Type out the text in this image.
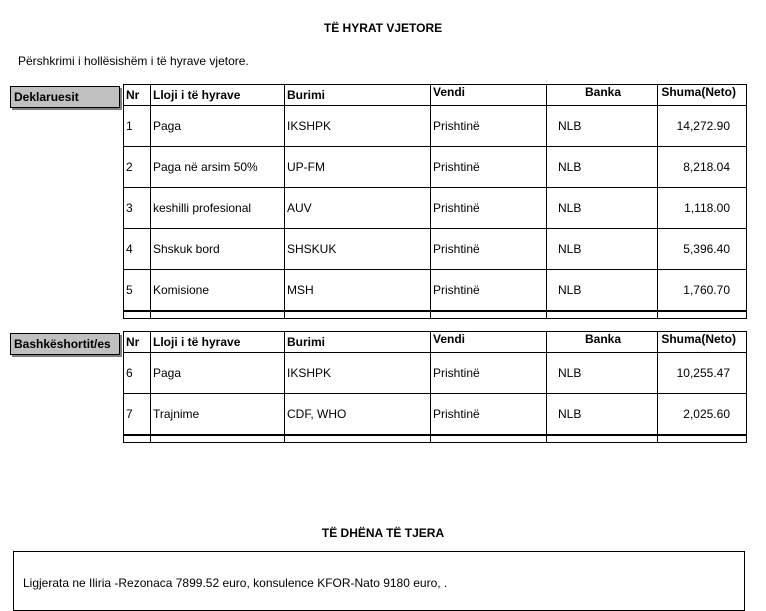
TË HYRAT VJETORE
Përshkrimi i hollësishëm i të hyrave vjetore.
Deklaruesit	Nr	Lloji i të hyrave	Burimi	Vendi	Banka	Shuma(Neto)
1	Paga	IKSHPK	Prishtinë	NLB	14,272.90
2	Paga në arsim 50%	UP-FM	Prishtinë	NLB	8,218.04
3	keshilli profesional	AUV	Prishtinë	NLB	1,118.00
4	Shskuk bord	SHSKUK	Prishtinë	NLB	5,396.40
5	Komisione	MSH	Prishtinë	NLB	1,760.70

Bashkëshortit/es	Nr	Lloji i të hyrave	Burimi	Vendi	Banka	Shuma(Neto)
6	Paga	IKSHPK	Prishtinë	NLB	10,255.47
7	Trajnime	CDF, WHO	Prishtinë	NLB	2,025.60

TË DHËNA TË TJERA
Ligjerata ne Iliria -Rezonaca 7899.52 euro, konsulence KFOR-Nato 9180 euro, .
